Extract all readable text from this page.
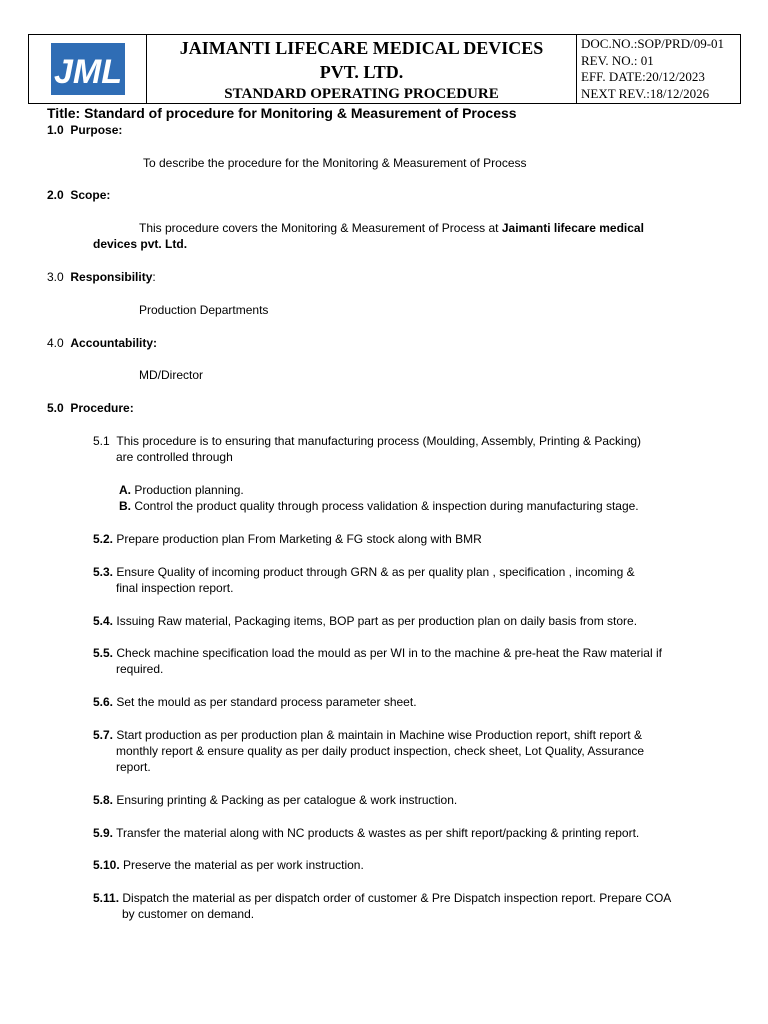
JML
JAIMANTI LIFECARE MEDICAL DEVICES
PVT. LTD.
STANDARD OPERATING PROCEDURE
DOC.NO.:SOP/PRD/09-01
REV. NO.: 01
EFF. DATE:20/12/2023
NEXT REV.:18/12/2026
Title: Standard of procedure for Monitoring & Measurement of Process
1.0 Purpose:
To describe the procedure for the Monitoring & Measurement of Process
2.0 Scope:
This procedure covers the Monitoring & Measurement of Process at Jaimanti lifecare medical
devices pvt. Ltd.
3.0 Responsibility:
Production Departments
4.0 Accountability:
MD/Director
5.0 Procedure:
5.1 This procedure is to ensuring that manufacturing process (Moulding, Assembly, Printing & Packing)
are controlled through
A. Production planning.
B. Control the product quality through process validation & inspection during manufacturing stage.
5.2. Prepare production plan From Marketing & FG stock along with BMR
5.3. Ensure Quality of incoming product through GRN & as per quality plan , specification , incoming &
final inspection report.
5.4. Issuing Raw material, Packaging items, BOP part as per production plan on daily basis from store.
5.5. Check machine specification load the mould as per WI in to the machine & pre-heat the Raw material if
required.
5.6. Set the mould as per standard process parameter sheet.
5.7. Start production as per production plan & maintain in Machine wise Production report, shift report &
monthly report & ensure quality as per daily product inspection, check sheet, Lot Quality, Assurance
report.
5.8. Ensuring printing & Packing as per catalogue & work instruction.
5.9. Transfer the material along with NC products & wastes as per shift report/packing & printing report.
5.10. Preserve the material as per work instruction.
5.11. Dispatch the material as per dispatch order of customer & Pre Dispatch inspection report. Prepare COA
by customer on demand.
